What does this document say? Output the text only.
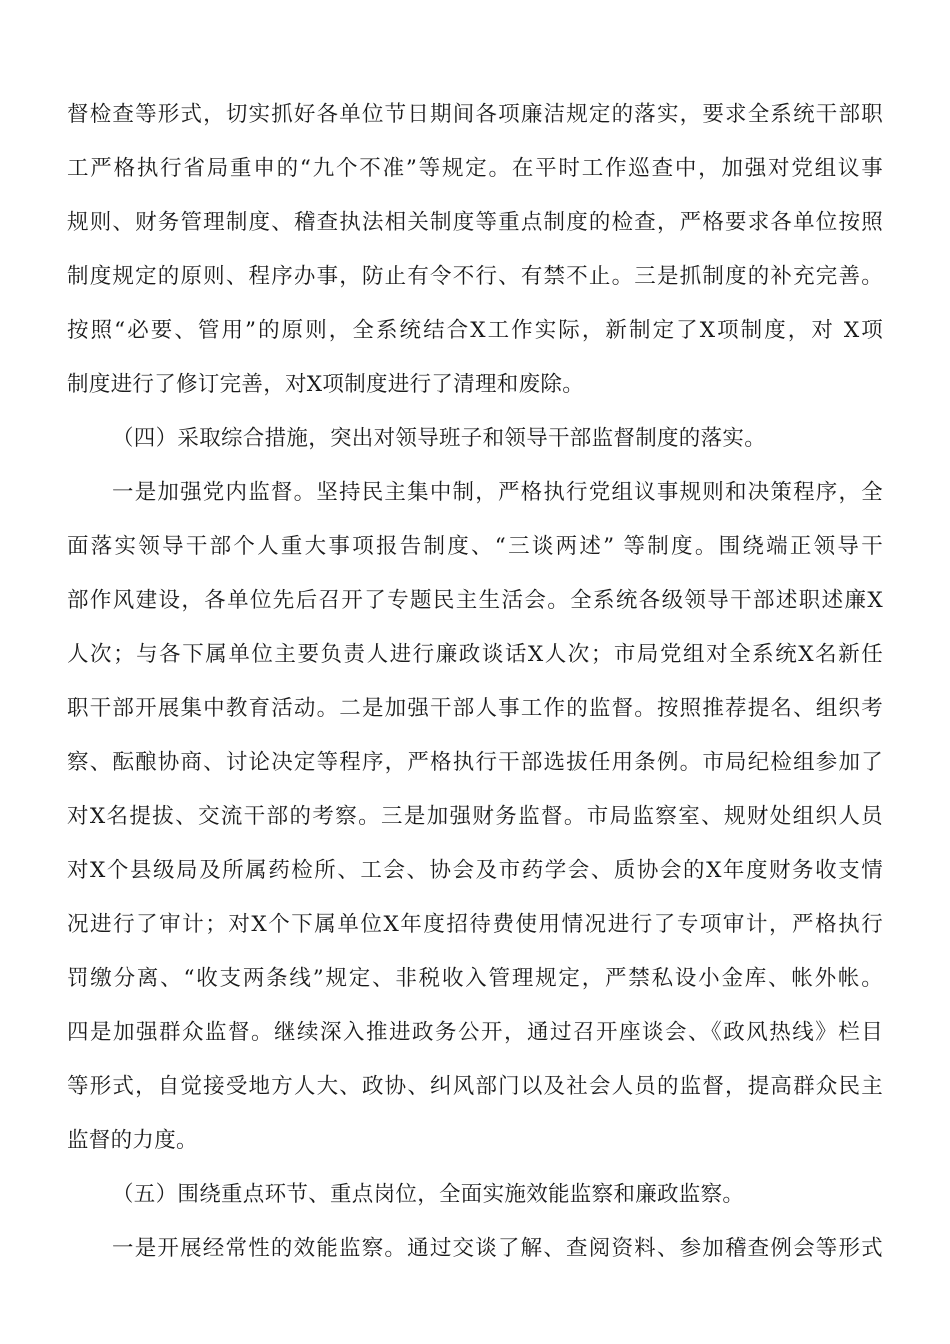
督检查等形式，切实抓好各单位节日期间各项廉洁规定的落实，要求全系统干部职
工严格执行省局重申的“九个不准”等规定。在平时工作巡查中，加强对党组议事
规则、财务管理制度、稽查执法相关制度等重点制度的检查，严格要求各单位按照
制度规定的原则、程序办事，防止有令不行、有禁不止。三是抓制度的补充完善。
按照“必要、管用”的原则，全系统结合X工作实际，新制定了X项制度，对 X项
制度进行了修订完善，对X项制度进行了清理和废除。
（四）采取综合措施，突出对领导班子和领导干部监督制度的落实。
一是加强党内监督。坚持民主集中制，严格执行党组议事规则和决策程序，全
面落实领导干部个人重大事项报告制度、“三谈两述” 等制度。围绕端正领导干
部作风建设，各单位先后召开了专题民主生活会。全系统各级领导干部述职述廉X
人次；与各下属单位主要负责人进行廉政谈话X人次；市局党组对全系统X名新任
职干部开展集中教育活动。二是加强干部人事工作的监督。按照推荐提名、组织考
察、酝酿协商、讨论决定等程序，严格执行干部选拔任用条例。市局纪检组参加了
对X名提拔、交流干部的考察。三是加强财务监督。市局监察室、规财处组织人员
对X个县级局及所属药检所、工会、协会及市药学会、质协会的X年度财务收支情
况进行了审计；对X个下属单位X年度招待费使用情况进行了专项审计，严格执行
罚缴分离、“收支两条线”规定、非税收入管理规定，严禁私设小金库、帐外帐。
四是加强群众监督。继续深入推进政务公开，通过召开座谈会、《政风热线》栏目
等形式，自觉接受地方人大、政协、纠风部门以及社会人员的监督，提高群众民主
监督的力度。
（五）围绕重点环节、重点岗位，全面实施效能监察和廉政监察。
一是开展经常性的效能监察。通过交谈了解、查阅资料、参加稽查例会等形式
